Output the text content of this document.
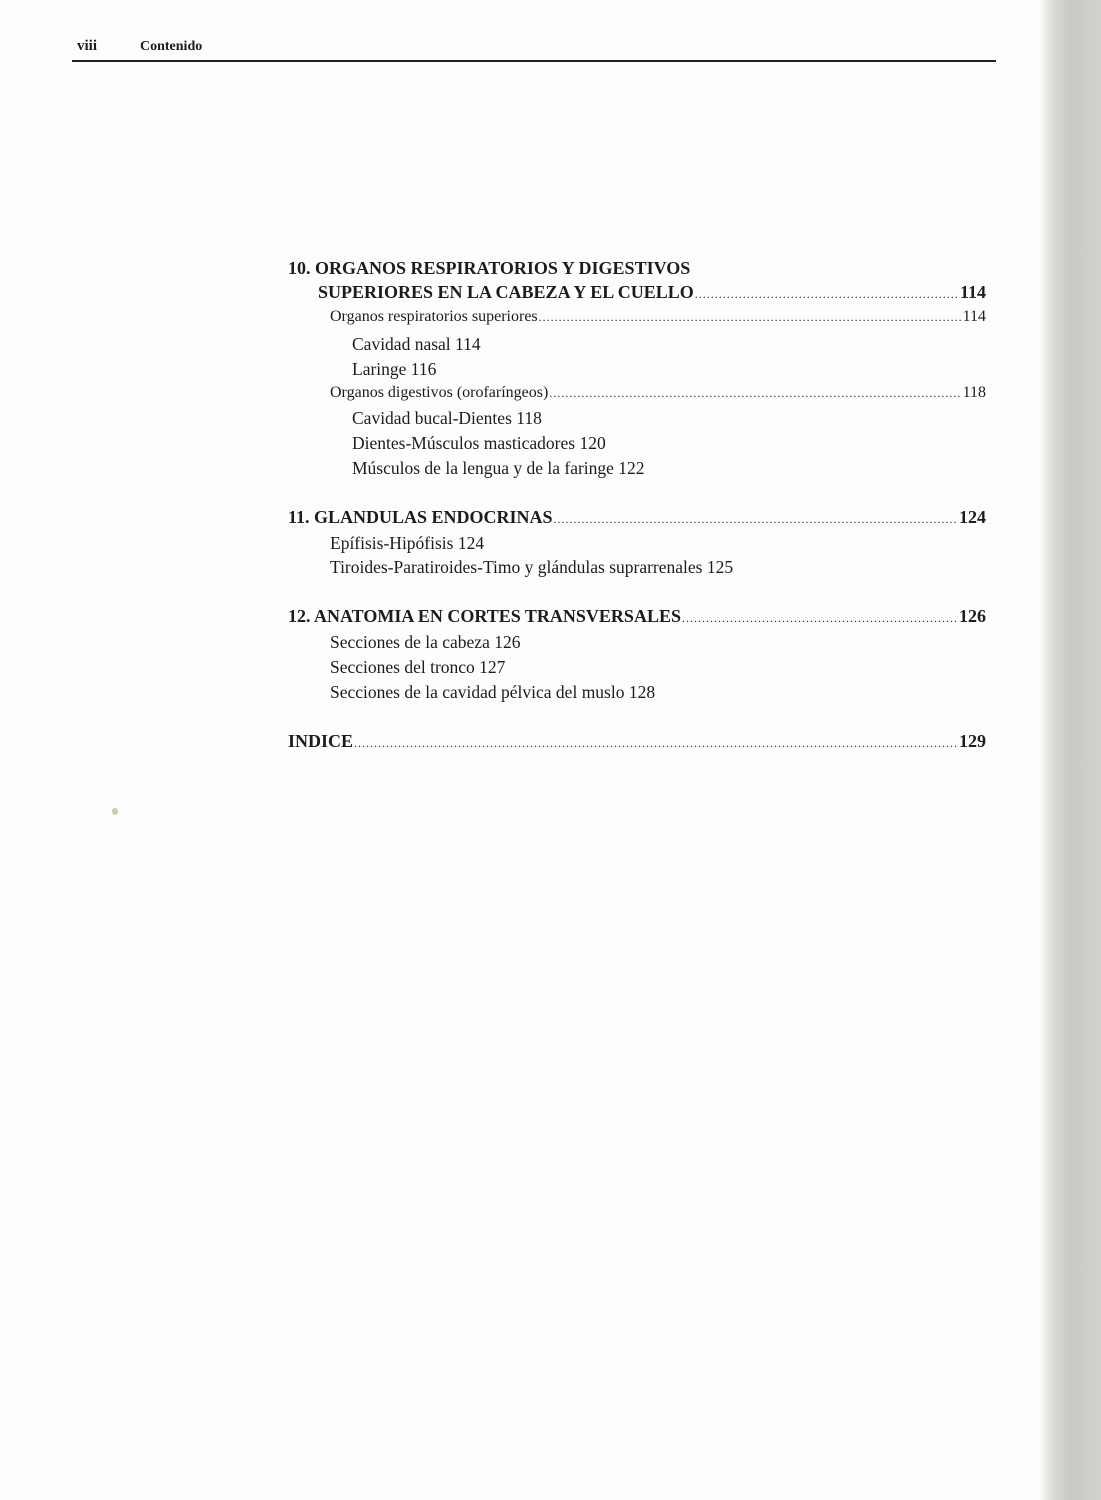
viii	Contenido
10. ORGANOS RESPIRATORIOS Y DIGESTIVOS
SUPERIORES EN LA CABEZA Y EL CUELLO .....	114
Organos respiratorios superiores .....	114
Cavidad nasal 114
Laringe 116
Organos digestivos (orofaríngeos) .....	118
Cavidad bucal-Dientes 118
Dientes-Músculos masticadores 120
Músculos de la lengua y de la faringe 122
11. GLANDULAS ENDOCRINAS .....	124
Epífisis-Hipófisis 124
Tiroides-Paratiroides-Timo y glándulas suprarrenales 125
12. ANATOMIA EN CORTES TRANSVERSALES .....	126
Secciones de la cabeza 126
Secciones del tronco 127
Secciones de la cavidad pélvica del muslo 128
INDICE .....	129
